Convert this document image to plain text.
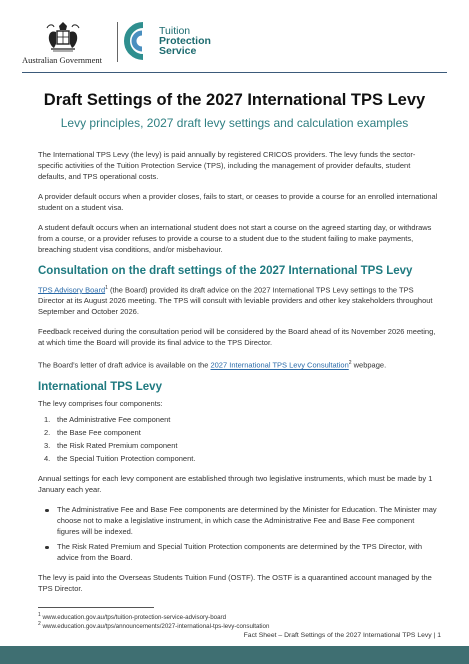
Australian Government
Tuition
Protection
Service
Draft Settings of the 2027 International TPS Levy
Levy principles, 2027 draft levy settings and calculation examples

The International TPS Levy (the levy) is paid annually by registered CRICOS providers. The levy funds the sector-specific activities of the Tuition Protection Service (TPS), including the management of provider defaults, student defaults, and TPS operational costs.

A provider default occurs when a provider closes, fails to start, or ceases to provide a course for an enrolled international student on a student visa.

A student default occurs when an international student does not start a course on the agreed starting day, or withdraws from a course, or a provider refuses to provide a course to a student due to the student failing to make payments, breaching student visa conditions, and/or misbehaviour.

Consultation on the draft settings of the 2027 International TPS Levy

TPS Advisory Board$^1$ (the Board) provided its draft advice on the 2027 International TPS Levy settings to the TPS Director at its August 2026 meeting. The TPS will consult with leviable providers and other key stakeholders throughout September and October 2026.

Feedback received during the consultation period will be considered by the Board ahead of its November 2026 meeting, at which time the Board will provide its final advice to the TPS Director.

The Board’s letter of draft advice is available on the 2027 International TPS Levy Consultation$^2$ webpage.

International TPS Levy

The levy comprises four components:

1. the Administrative Fee component
2. the Base Fee component
3. the Risk Rated Premium component
4. the Special Tuition Protection component.

Annual settings for each levy component are established through two legislative instruments, which must be made by 1 January each year.

The Administrative Fee and Base Fee components are determined by the Minister for Education. The Minister may choose not to make a legislative instrument, in which case the Administrative Fee and Base Fee component figures will be indexed.
The Risk Rated Premium and Special Tuition Protection components are determined by the TPS Director, with advice from the Board.

The levy is paid into the Overseas Students Tuition Fund (OSTF). The OSTF is a quarantined account managed by the TPS Director.

$^1$ www.education.gov.au/tps/tuition-protection-service-advisory-board
$^2$ www.education.gov.au/tps/announcements/2027-international-tps-levy-consultation
Fact Sheet – Draft Settings of the 2027 International TPS Levy | 1
